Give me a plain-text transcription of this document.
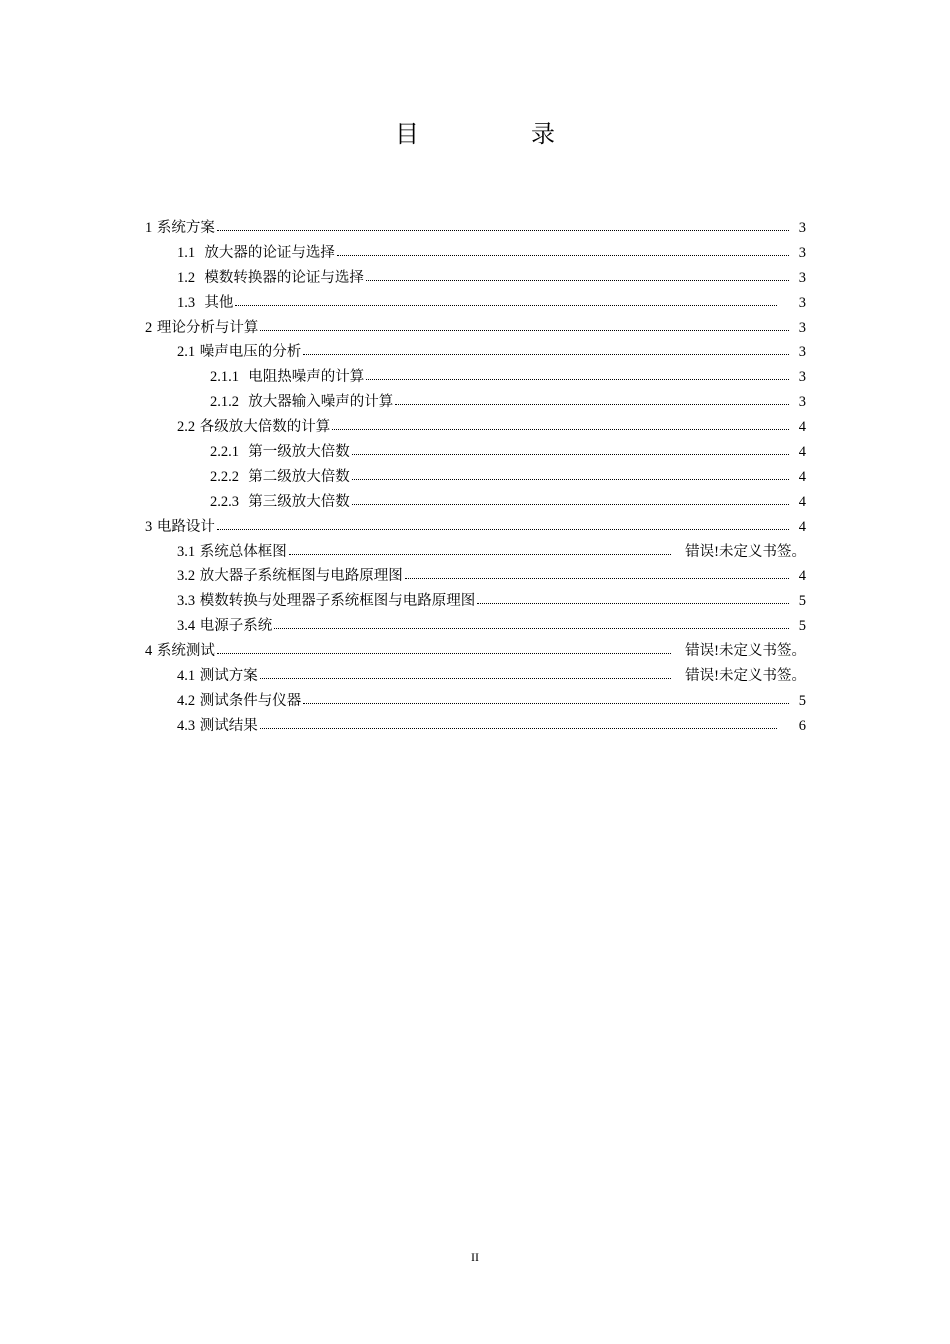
目　录
1 系统方案	3
1.1 放大器的论证与选择	3
1.2 模数转换器的论证与选择	3
1.3 其他	3
2 理论分析与计算	3
2.1 噪声电压的分析	3
2.1.1 电阻热噪声的计算	3
2.1.2 放大器输入噪声的计算	3
2.2 各级放大倍数的计算	4
2.2.1 第一级放大倍数	4
2.2.2 第二级放大倍数	4
2.2.3 第三级放大倍数	4
3 电路设计	4
3.1 系统总体框图	错误!未定义书签。
3.2 放大器子系统框图与电路原理图	4
3.3 模数转换与处理器子系统框图与电路原理图	5
3.4 电源子系统	5
4 系统测试	错误!未定义书签。
4.1 测试方案	错误!未定义书签。
4.2 测试条件与仪器	5
4.3 测试结果	6
II
